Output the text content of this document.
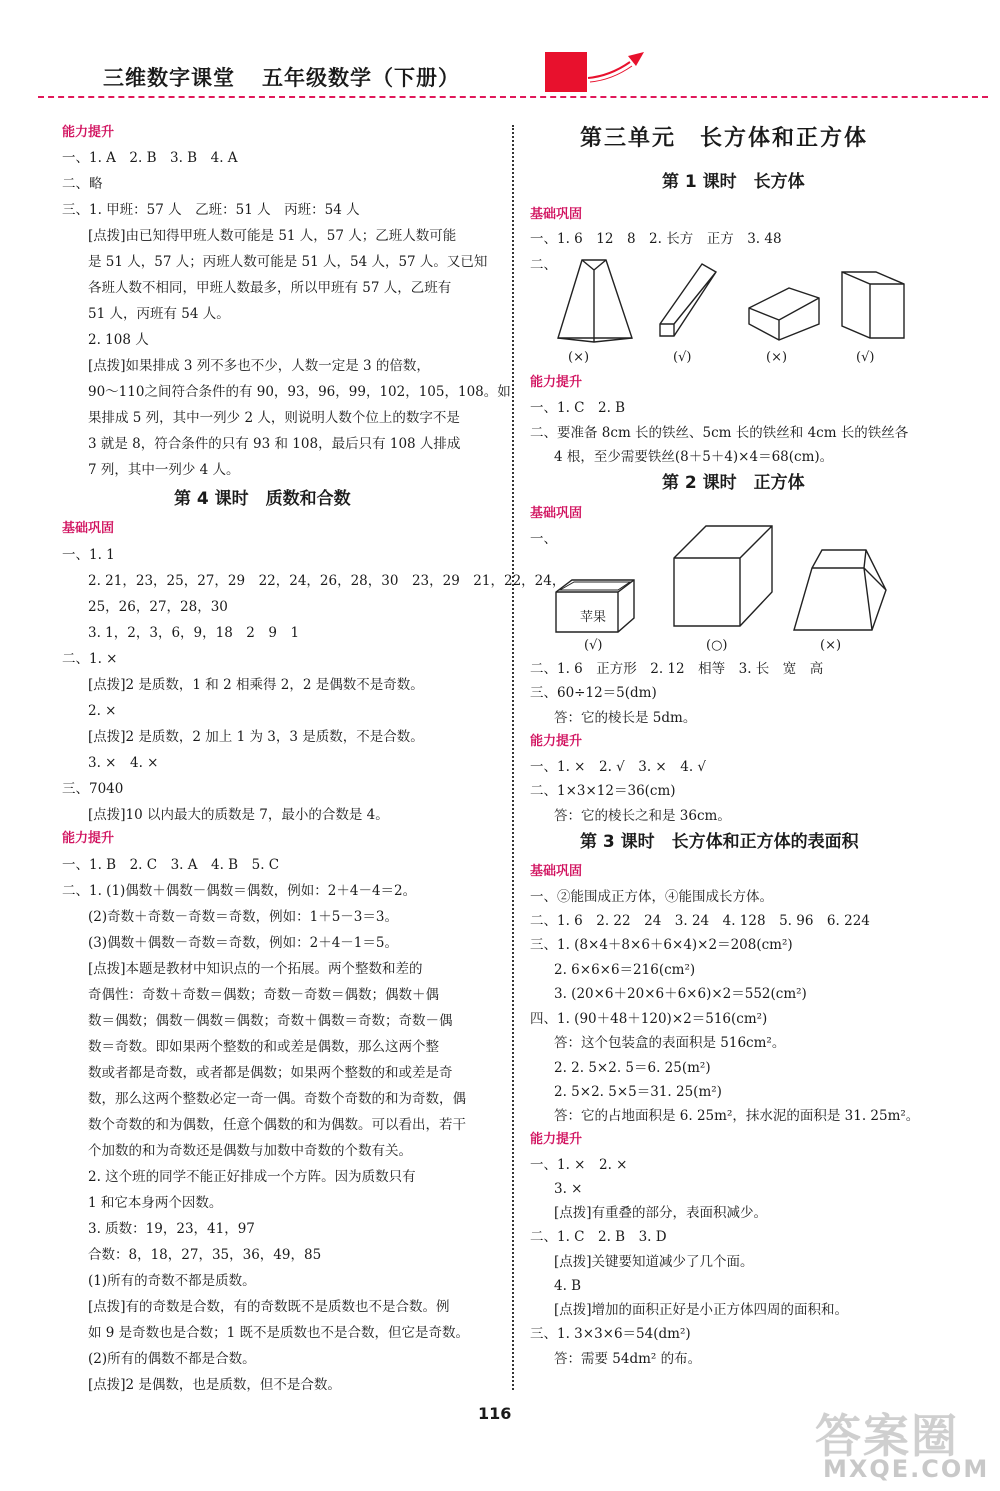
三维数字课堂 五年级数学（下册）
能力提升
一、1. A　2. B　3. B　4. A
二、略
三、1. 甲班：57 人　乙班：51 人　丙班：54 人
[点拨]由已知得甲班人数可能是 51 人，57 人；乙班人数可能
是 51 人，57 人；丙班人数可能是 51 人，54 人，57 人。又已知
各班人数不相同，甲班人数最多，所以甲班有 57 人，乙班有
51 人，丙班有 54 人。
2. 108 人
[点拨]如果排成 3 列不多也不少，人数一定是 3 的倍数，
90～110之间符合条件的有 90，93，96，99，102，105，108。如
果排成 5 列，其中一列少 2 人，则说明人数个位上的数字不是
3 就是 8，符合条件的只有 93 和 108，最后只有 108 人排成
7 列，其中一列少 4 人。
第 4 课时　质数和合数
基础巩固
一、1. 1
2. 21，23，25，27，29　22，24，26，28，30　23，29　21，22，24，
25，26，27，28，30
3. 1，2，3，6，9，18　2　9　1
二、1. ×
[点拨]2 是质数，1 和 2 相乘得 2，2 是偶数不是奇数。
2. ×
[点拨]2 是质数，2 加上 1 为 3，3 是质数，不是合数。
3. ×　4. ×
三、7040
[点拨]10 以内最大的质数是 7，最小的合数是 4。
能力提升
一、1. B　2. C　3. A　4. B　5. C
二、1. (1)偶数＋偶数－偶数＝偶数，例如：2＋4－4＝2。
(2)奇数＋奇数－奇数＝奇数，例如：1＋5－3＝3。
(3)偶数＋偶数－奇数＝奇数，例如：2＋4－1＝5。
[点拨]本题是教材中知识点的一个拓展。两个整数和差的
奇偶性：奇数＋奇数＝偶数；奇数－奇数＝偶数；偶数＋偶
数＝偶数；偶数－偶数＝偶数；奇数＋偶数＝奇数；奇数－偶
数＝奇数。即如果两个整数的和或差是偶数，那么这两个整
数或者都是奇数，或者都是偶数；如果两个整数的和或差是奇
数，那么这两个整数必定一奇一偶。奇数个奇数的和为奇数，偶
数个奇数的和为偶数，任意个偶数的和为偶数。可以看出，若干
个加数的和为奇数还是偶数与加数中奇数的个数有关。
2. 这个班的同学不能正好排成一个方阵。因为质数只有
1 和它本身两个因数。
3. 质数：19，23，41，97
合数：8，18，27，35，36，49，85
(1)所有的奇数不都是质数。
[点拨]有的奇数是合数，有的奇数既不是质数也不是合数。例
如 9 是奇数也是合数；1 既不是质数也不是合数，但它是奇数。
(2)所有的偶数不都是合数。
[点拨]2 是偶数，也是质数，但不是合数。
第三单元　长方体和正方体
第 1 课时　长方体
基础巩固
一、1. 6　12　8　2. 长方　正方　3. 48
二、
(×)	(√)	(×)	(√)
能力提升
一、1. C　2. B
二、要准备 8cm 长的铁丝、5cm 长的铁丝和 4cm 长的铁丝各
4 根，至少需要铁丝(8＋5＋4)×4＝68(cm)。
第 2 课时　正方体
基础巩固
一、
苹果
(√)	(○)	(×)
二、1. 6　正方形　2. 12　相等　3. 长　宽　高
三、60÷12＝5(dm)
答：它的棱长是 5dm。
能力提升
一、1. ×　2. √　3. ×　4. √
二、1×3×12＝36(cm)
答：它的棱长之和是 36cm。
第 3 课时　长方体和正方体的表面积
基础巩固
一、②能围成正方体，④能围成长方体。
二、1. 6　2. 22　24　3. 24　4. 128　5. 96　6. 224
三、1. (8×4＋8×6＋6×4)×2＝208(cm²)
2. 6×6×6＝216(cm²)
3. (20×6＋20×6＋6×6)×2＝552(cm²)
四、1. (90＋48＋120)×2＝516(cm²)
答：这个包装盒的表面积是 516cm²。
2. 2. 5×2. 5＝6. 25(m²)
2. 5×2. 5×5＝31. 25(m²)
答：它的占地面积是 6. 25m²，抹水泥的面积是 31. 25m²。
能力提升
一、1. ×　2. ×
3. ×
[点拨]有重叠的部分，表面积减少。
二、1. C　2. B　3. D
[点拨]关键要知道减少了几个面。
4. B
[点拨]增加的面积正好是小正方体四周的面积和。
三、1. 3×3×6＝54(dm²)
答：需要 54dm² 的布。
116	答案圈
MXQE.COM
